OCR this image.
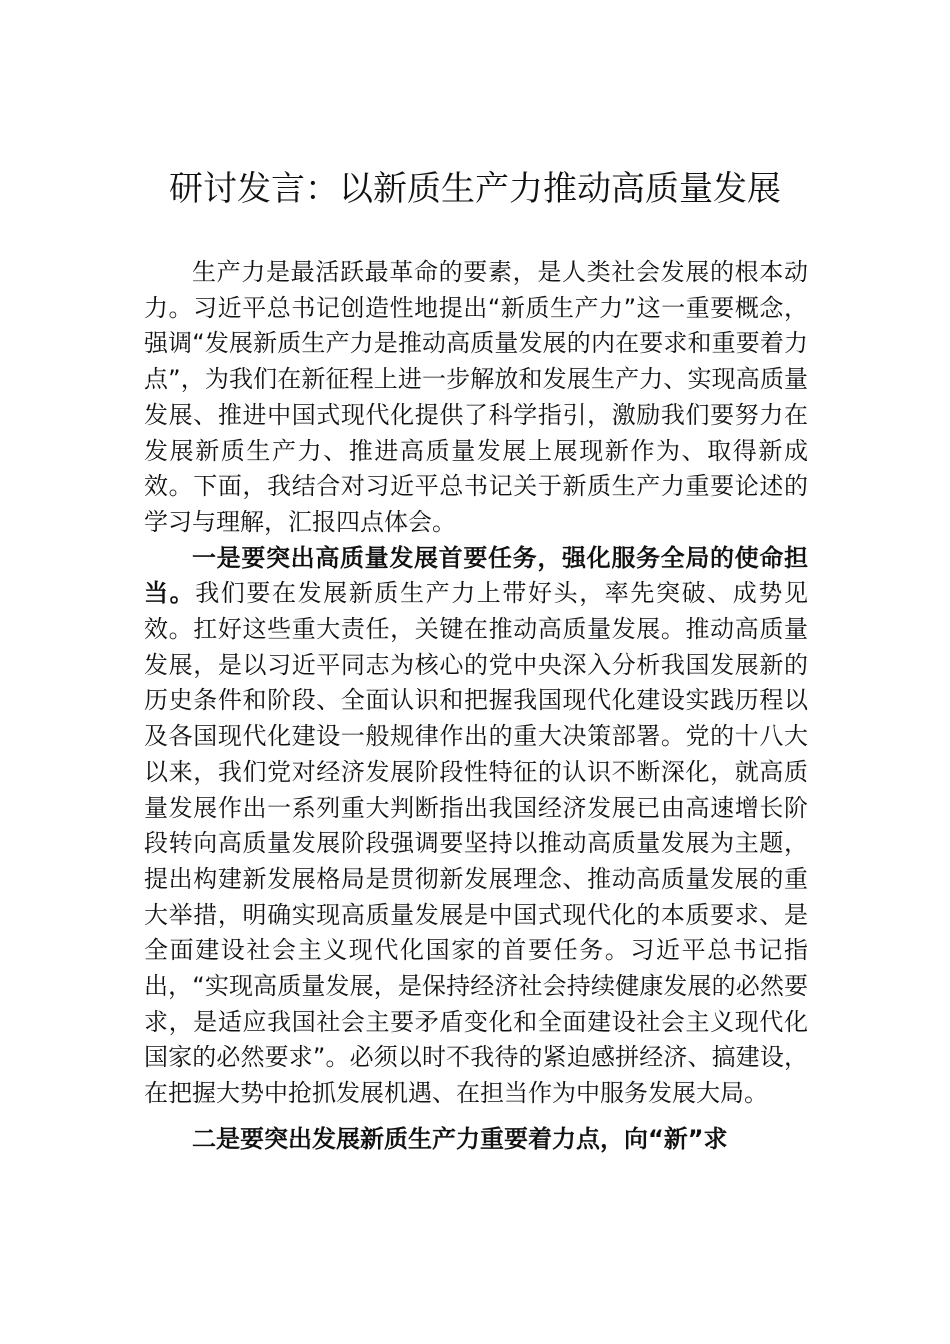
研讨发言：以新质生产力推动高质量发展

生产力是最活跃最革命的要素，是人类社会发展的根本动力。习近平总书记创造性地提出“新质生产力”这一重要概念，强调“发展新质生产力是推动高质量发展的内在要求和重要着力点”，为我们在新征程上进一步解放和发展生产力、实现高质量发展、推进中国式现代化提供了科学指引，激励我们要努力在发展新质生产力、推进高质量发展上展现新作为、取得新成效。下面，我结合对习近平总书记关于新质生产力重要论述的学习与理解，汇报四点体会。

一是要突出高质量发展首要任务，强化服务全局的使命担当。我们要在发展新质生产力上带好头，率先突破、成势见效。扛好这些重大责任，关键在推动高质量发展。推动高质量发展，是以习近平同志为核心的党中央深入分析我国发展新的历史条件和阶段、全面认识和把握我国现代化建设实践历程以及各国现代化建设一般规律作出的重大决策部署。党的十八大以来，我们党对经济发展阶段性特征的认识不断深化，就高质量发展作出一系列重大判断指出我国经济发展已由高速增长阶段转向高质量发展阶段强调要坚持以推动高质量发展为主题，提出构建新发展格局是贯彻新发展理念、推动高质量发展的重大举措，明确实现高质量发展是中国式现代化的本质要求、是全面建设社会主义现代化国家的首要任务。习近平总书记指出，“实现高质量发展，是保持经济社会持续健康发展的必然要求，是适应我国社会主要矛盾变化和全面建设社会主义现代化国家的必然要求”。必须以时不我待的紧迫感拼经济、搞建设，在把握大势中抢抓发展机遇、在担当作为中服务发展大局。

二是要突出发展新质生产力重要着力点，向“新”求
